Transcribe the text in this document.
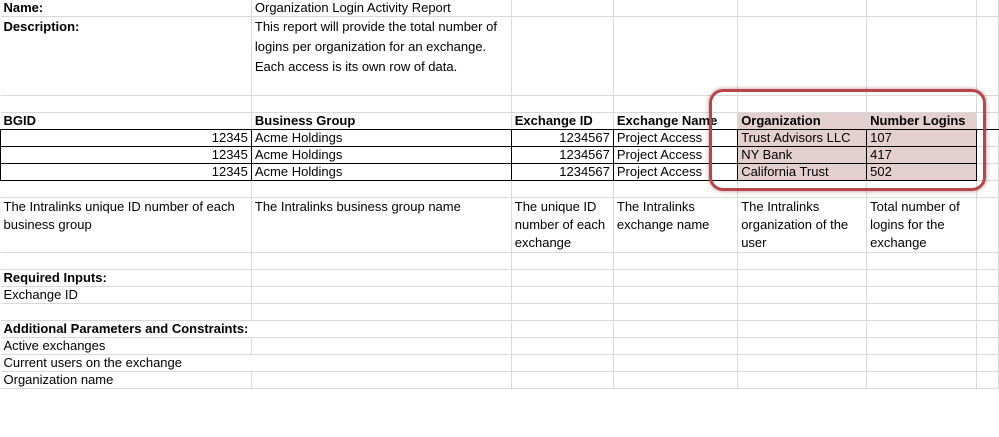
Name:	Organization Login Activity Report					
Description:	This report will provide the total number of logins per organization for an exchange. Each access is its own row of data.					

BGID	Business Group	Exchange ID	Exchange Name	Organization	Number Logins	
12345	Acme Holdings	1234567	Project Access	Trust Advisors LLC	107	
12345	Acme Holdings	1234567	Project Access	NY Bank	417	
12345	Acme Holdings	1234567	Project Access	California Trust	502	

The Intralinks unique ID number of each business group	The Intralinks business group name	The unique ID number of each exchange	The Intralinks exchange name	The Intralinks organization of the user	Total number of logins for the exchange	

Required Inputs:						
Exchange ID						

Additional Parameters and Constraints:						
Active exchanges						
Current users on the exchange						
Organization name						
